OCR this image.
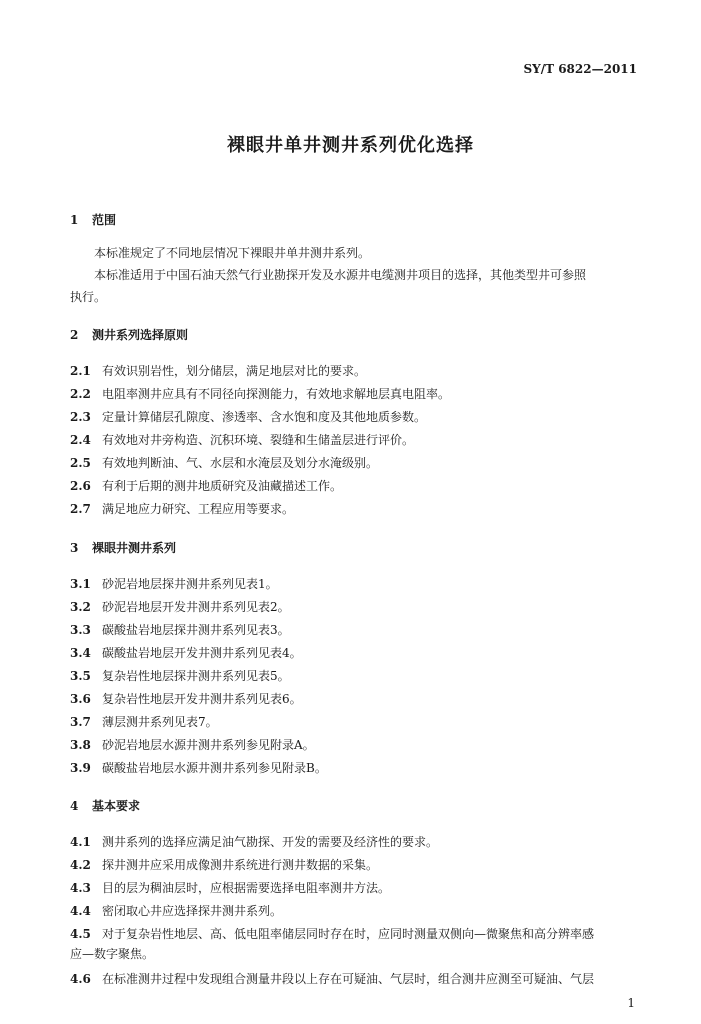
SY/T 6822—2011
裸眼井单井测井系列优化选择
1 范围
本标准规定了不同地层情况下裸眼井单井测井系列。
本标准适用于中国石油天然气行业勘探开发及水源井电缆测井项目的选择，其他类型井可参照
执行。
2 测井系列选择原则
2.1 有效识别岩性，划分储层，满足地层对比的要求。
2.2 电阻率测井应具有不同径向探测能力，有效地求解地层真电阻率。
2.3 定量计算储层孔隙度、渗透率、含水饱和度及其他地质参数。
2.4 有效地对井旁构造、沉积环境、裂缝和生储盖层进行评价。
2.5 有效地判断油、气、水层和水淹层及划分水淹级别。
2.6 有利于后期的测井地质研究及油藏描述工作。
2.7 满足地应力研究、工程应用等要求。
3 裸眼井测井系列
3.1 砂泥岩地层探井测井系列见表1。
3.2 砂泥岩地层开发井测井系列见表2。
3.3 碳酸盐岩地层探井测井系列见表3。
3.4 碳酸盐岩地层开发井测井系列见表4。
3.5 复杂岩性地层探井测井系列见表5。
3.6 复杂岩性地层开发井测井系列见表6。
3.7 薄层测井系列见表7。
3.8 砂泥岩地层水源井测井系列参见附录A。
3.9 碳酸盐岩地层水源井测井系列参见附录B。
4 基本要求
4.1 测井系列的选择应满足油气勘探、开发的需要及经济性的要求。
4.2 探井测井应采用成像测井系统进行测井数据的采集。
4.3 目的层为稠油层时，应根据需要选择电阻率测井方法。
4.4 密闭取心井应选择探井测井系列。
4.5 对于复杂岩性地层、高、低电阻率储层同时存在时，应同时测量双侧向—微聚焦和高分辨率感
应—数字聚焦。
4.6 在标准测井过程中发现组合测量井段以上存在可疑油、气层时，组合测井应测至可疑油、气层
1
